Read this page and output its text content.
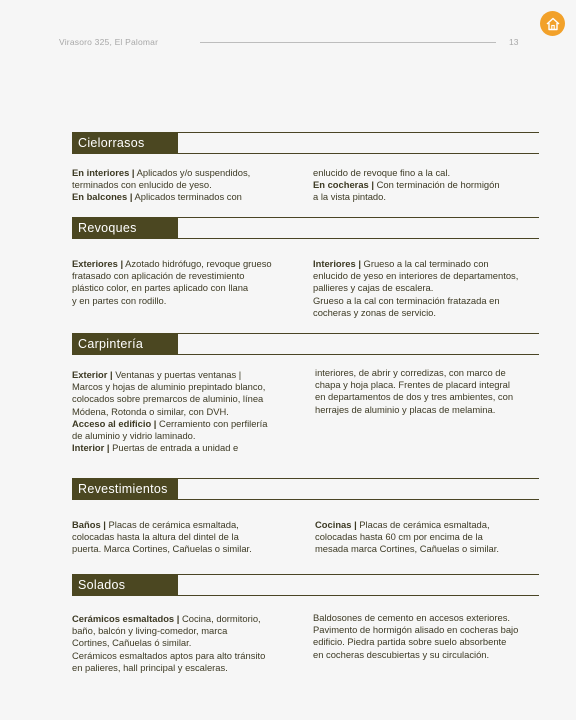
Virasoro 325, El Palomar	13
Cielorrasos

En interiores | Aplicados y/o suspendidos,

terminados con enlucido de yeso.

En balcones | Aplicados terminados con

enlucido de revoque fino a la cal.

En cocheras | Con terminación de hormigón

a la vista pintado.

Revoques

Exteriores | Azotado hidrófugo, revoque grueso

fratasado con aplicación de revestimiento

plástico color, en partes aplicado con llana

y en partes con rodillo.

Interiores | Grueso a la cal terminado con

enlucido de yeso en interiores de departamentos,

pallieres y cajas de escalera.

Grueso a la cal con terminación fratazada en

cocheras y zonas de servicio.

Carpintería

Exterior | Ventanas y puertas ventanas |

Marcos y hojas de aluminio prepintado blanco,

colocados sobre premarcos de aluminio, línea

Módena, Rotonda o similar, con DVH.

Acceso al edificio | Cerramiento con perfilería

de aluminio y vidrio laminado.

Interior | Puertas de entrada a unidad e

interiores, de abrir y corredizas, con marco de

chapa y hoja placa. Frentes de placard integral

en departamentos de dos y tres ambientes, con

herrajes de aluminio y placas de melamina.

Revestimientos

Baños | Placas de cerámica esmaltada,

colocadas hasta la altura del dintel de la

puerta. Marca Cortines, Cañuelas o similar.

Cocinas | Placas de cerámica esmaltada,

colocadas hasta 60 cm por encima de la

mesada marca Cortines, Cañuelas o similar.

Solados

Cerámicos esmaltados | Cocina, dormitorio,

baño, balcón y living-comedor, marca

Cortines, Cañuelas ó similar.

Cerámicos esmaltados aptos para alto tránsito

en palieres, hall principal y escaleras.

Baldosones de cemento en accesos exteriores.

Pavimento de hormigón alisado en cocheras bajo

edificio. Piedra partida sobre suelo absorbente

en cocheras descubiertas y su circulación.
